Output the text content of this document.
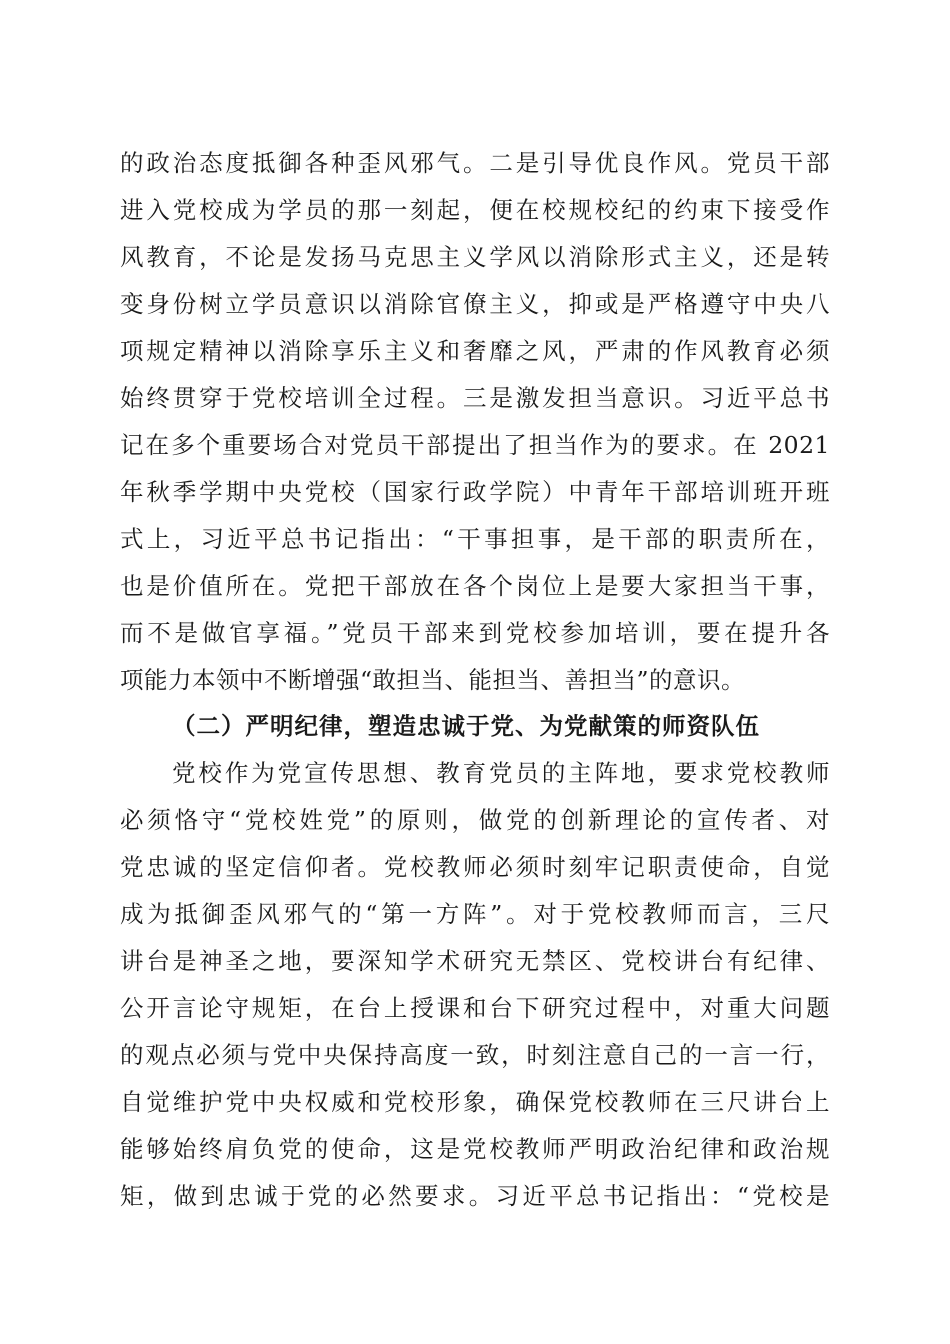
的政治态度抵御各种歪风邪气。二是引导优良作风。党员干部
进入党校成为学员的那一刻起，便在校规校纪的约束下接受作
风教育，不论是发扬马克思主义学风以消除形式主义，还是转
变身份树立学员意识以消除官僚主义，抑或是严格遵守中央八
项规定精神以消除享乐主义和奢靡之风，严肃的作风教育必须
始终贯穿于党校培训全过程。三是激发担当意识。习近平总书
记在多个重要场合对党员干部提出了担当作为的要求。在 2021
年秋季学期中央党校（国家行政学院）中青年干部培训班开班
式上，习近平总书记指出：“干事担事，是干部的职责所在，
也是价值所在。党把干部放在各个岗位上是要大家担当干事，
而不是做官享福。”党员干部来到党校参加培训，要在提升各
项能力本领中不断增强“敢担当、能担当、善担当”的意识。
（二）严明纪律，塑造忠诚于党、为党献策的师资队伍
党校作为党宣传思想、教育党员的主阵地，要求党校教师
必须恪守“党校姓党”的原则，做党的创新理论的宣传者、对
党忠诚的坚定信仰者。党校教师必须时刻牢记职责使命，自觉
成为抵御歪风邪气的“第一方阵”。对于党校教师而言，三尺
讲台是神圣之地，要深知学术研究无禁区、党校讲台有纪律、
公开言论守规矩，在台上授课和台下研究过程中，对重大问题
的观点必须与党中央保持高度一致，时刻注意自己的一言一行，
自觉维护党中央权威和党校形象，确保党校教师在三尺讲台上
能够始终肩负党的使命，这是党校教师严明政治纪律和政治规
矩，做到忠诚于党的必然要求。习近平总书记指出：“党校是
